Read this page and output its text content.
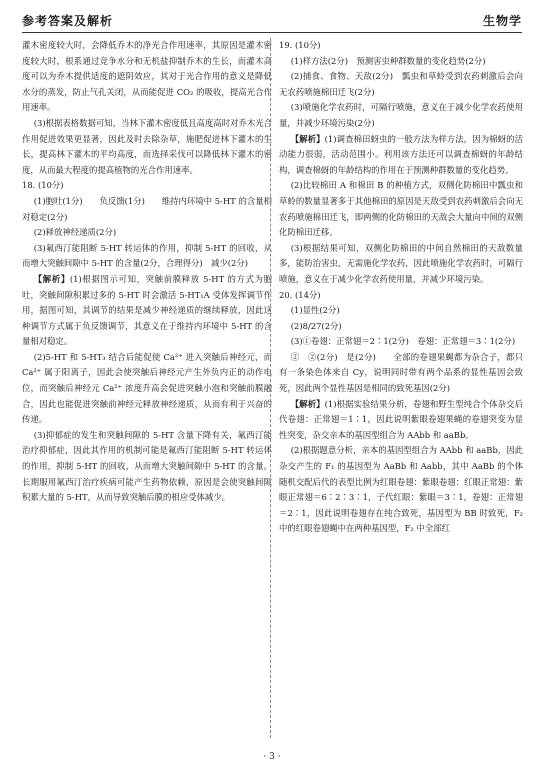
参考答案及解析	生物学

灌木密度较大时，会降低乔木的净光合作用速率，其原因是灌木密度较大时，根系通过竞争水分和无机盐抑制乔木的生长，而灌木高度可以为乔木提供适度的遮阴效应，其对于光合作用的意义是降低水分的蒸发，防止气孔关闭，从而能促进 CO₂ 的吸收，提高光合作用速率。

(3)根据表格数据可知，当林下灌木密度低且高度高时对乔木光合作用促进效果更显著，因此及时去除杂草，施肥促进林下灌木的生长，提高林下灌木的平均高度，而选择采伐可以降低林下灌木的密度，从而最大程度的提高植物的光合作用速率。

18. (10分)

(1)胞吐(1分)　　负反馈(1分)　　维持内环境中 5-HT 的含量相对稳定(2分)

(2)释放神经递质(2分)

(3)氟西汀能阻断 5-HT 转运体的作用，抑制 5-HT 的回收，从而增大突触间隙中 5-HT 的含量(2分，合理得分)　减少(2分)

【解析】(1)根据图示可知，突触前膜释放 5-HT 的方式为胞吐，突触间隙积累过多的 5-HT 时会激活 5-HT₁A 受体发挥调节作用，据图可知，其调节的结果是减少神经递质的继续释放，因此这种调节方式属于负反馈调节，其意义在于维持内环境中 5-HT 的含量相对稳定。

(2)5-HT 和 5-HT₃ 结合后能促使 Ca²⁺ 进入突触后神经元，而 Ca²⁺ 属于阳离子，因此会使突触后神经元产生外负内正的动作电位，而突触后神经元 Ca²⁺ 浓度升高会促进突触小泡和突触前膜融合，因此也能促进突触前神经元释放神经递质，从而有利于兴奋的传递。

(3)抑郁症的发生和突触间隙的 5-HT 含量下降有关，氟西汀能治疗抑郁症，因此其作用的机制可能是氟西汀能阻断 5-HT 转运体的作用，抑制 5-HT 的回收，从而增大突触间隙中 5-HT 的含量。长期服用氟西汀治疗疾病可能产生药物依赖，原因是会使突触间隙积累大量的 5-HT，从而导致突触后膜的相应受体减少。

19. (10分)

(1)样方法(2分)　预测害虫种群数量的变化趋势(2分)

(2)捕食、食物、天敌(2分)　瓢虫和草蛉受到农药刺激后会向无农药喷施棉田迁飞(2分)

(3)喷施化学农药时，可隔行喷施，意义在于减少化学农药使用量，并减少环境污染(2分)

【解析】(1)调查棉田蚜虫的一般方法为样方法，因为棉蚜的活动能力很弱，活动范围小。利用该方法还可以调查棉蚜的年龄结构，调查棉蚜的年龄结构的作用在于预测种群数量的变化趋势。

(2)比较棉田 A 和棉田 B 的种植方式，双侧化防棉田中瓢虫和草蛉的数量显著多于其他棉田的原因是天敌受到农药刺激后会向无农药喷施棉田迁飞，即两侧的化防棉田的天敌会大量向中间的双侧化防棉田迁移。

(3)根据结果可知，双侧化防棉田的中间自然棉田的天敌数量多，能防治害虫，无需施化学农药，因此喷施化学农药时，可隔行喷施，意义在于减少化学农药使用量，并减少环境污染。

20. (14分)

(1)显性(2分)

(2)8/27(2分)

(3)①卷翅：正常翅＝2∶1(2分)　卷翅：正常翅＝3∶1(2分)

②　②(2分)　是(2分)　　全部的卷翅果蝇都为杂合子，都只有一条染色体来自 Cy，说明同时带有两个品系的显性基因会致死，因此两个显性基因是相同的致死基因(2分)

【解析】(1)根据实验结果分析，卷翅和野生型纯合个体杂交后代卷翅：正常翅＝1∶1，因此说明紫眼卷翅果蝇的卷翅突变为显性突变，杂交亲本的基因型组合为 AAbb 和 aaBb。

(2)根据题意分析，亲本的基因型组合为 AAbb 和 aaBb，因此杂交产生的 F₁ 的基因型为 AaBb 和 Aabb，其中 AaBb 的个体随机交配后代的表型比例为红眼卷翅：紫眼卷翅：红眼正常翅：紫眼正常翅＝6∶2∶3∶1，子代红眼：紫眼＝3∶1，卷翅：正常翅＝2∶1，因此说明卷翅存在纯合致死，基因型为 BB 时致死，F₂ 中的红眼卷翅蝇中在两种基因型，F₂ 中全部红

· 3 ·
